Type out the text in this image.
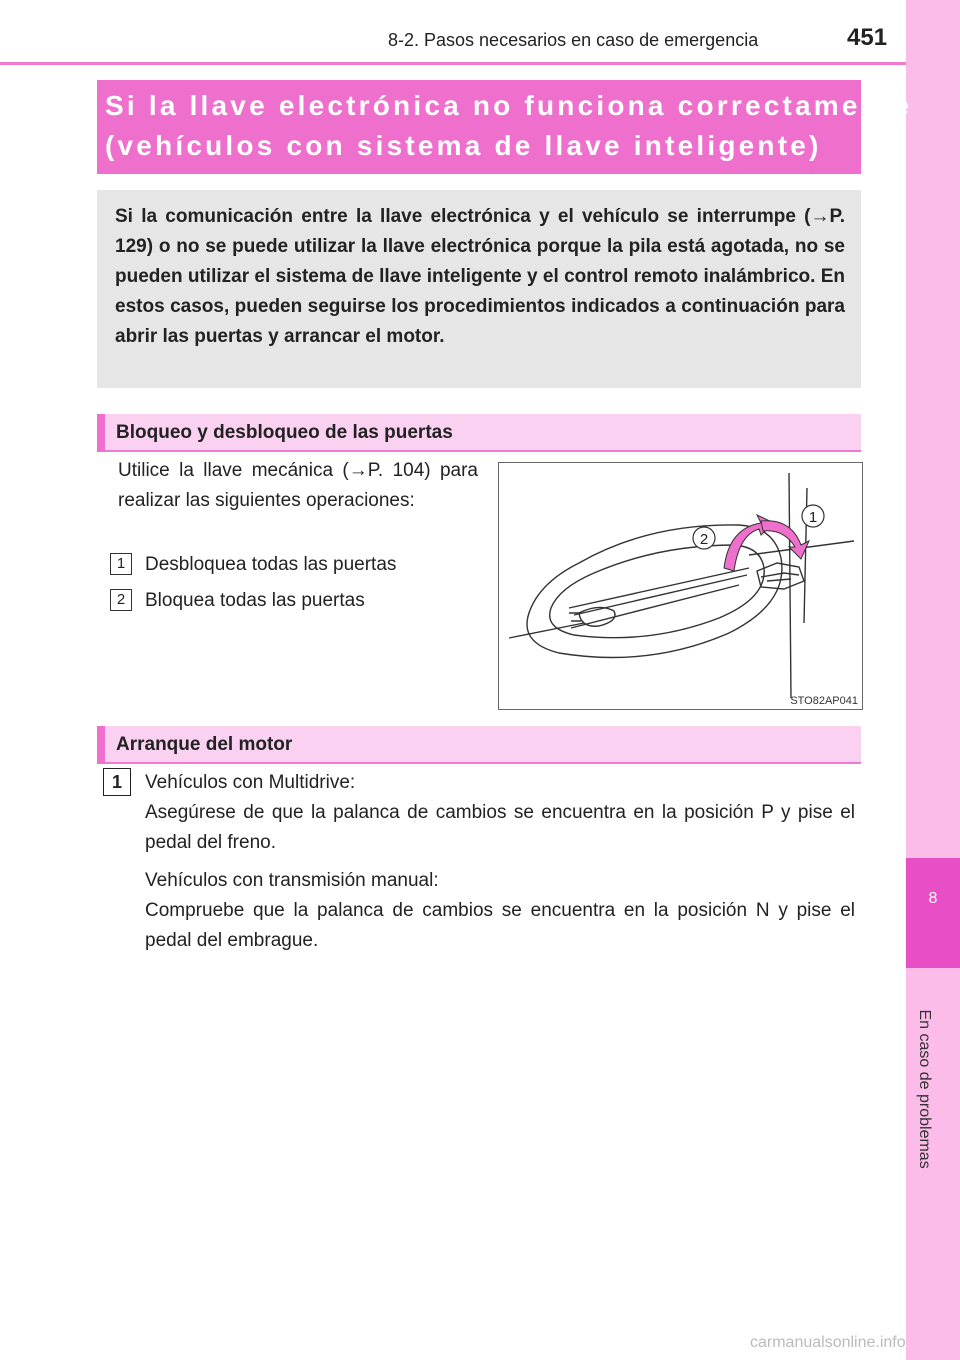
8-2. Pasos necesarios en caso de emergencia	451
8
En caso de problemas
Si la llave electrónica no funciona correctamente
(vehículos con sistema de llave inteligente)
Si la comunicación entre la llave electrónica y el vehículo se interrumpe (→P. 129) o no se puede utilizar la llave electrónica porque la pila está agotada, no se pueden utilizar el sistema de llave inteligente y el control remoto inalámbrico. En estos casos, pueden seguirse los procedimientos indicados a continuación para abrir las puertas y arrancar el motor.
Bloqueo y desbloqueo de las puertas
Utilice la llave mecánica (→P. 104) para realizar las siguientes operaciones:
1	Desbloquea todas las puertas
2	Bloquea todas las puertas
1
2
STO82AP041
Arranque del motor
1	Vehículos con Multidrive:
Asegúrese de que la palanca de cambios se encuentra en la posición P y pise el pedal del freno.
Vehículos con transmisión manual:
Compruebe que la palanca de cambios se encuentra en la posición N y pise el pedal del embrague.
carmanualsonline.info
